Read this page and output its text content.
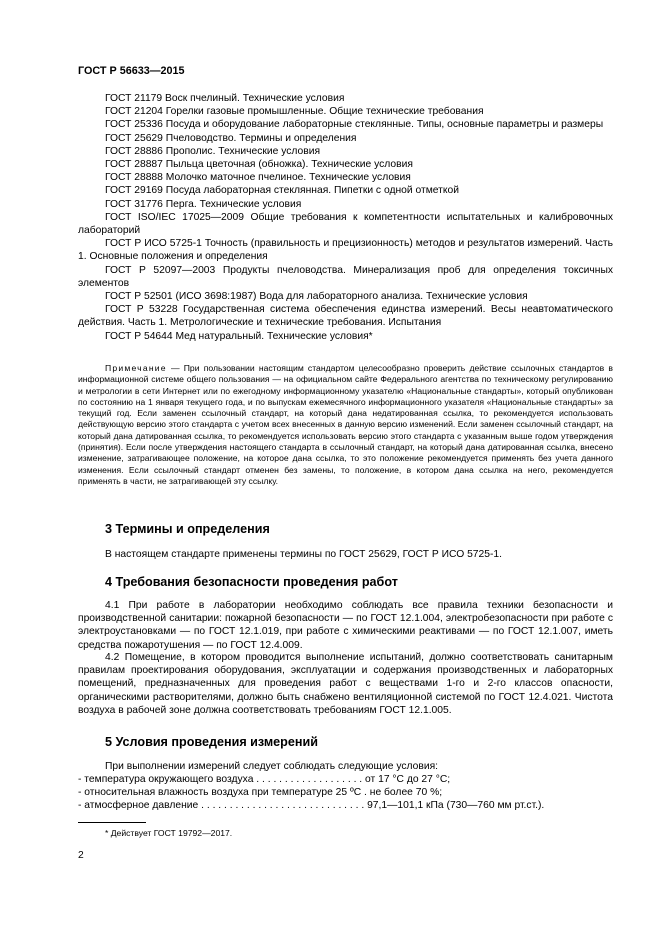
ГОСТ Р 56633—2015

ГОСТ 21179 Воск пчелиный. Технические условия

ГОСТ 21204 Горелки газовые промышленные. Общие технические требования

ГОСТ 25336 Посуда и оборудование лабораторные стеклянные. Типы, основные параметры и размеры

ГОСТ 25629 Пчеловодство. Термины и определения

ГОСТ 28886 Прополис. Технические условия

ГОСТ 28887 Пыльца цветочная (обножка). Технические условия

ГОСТ 28888 Молочко маточное пчелиное. Технические условия

ГОСТ 29169 Посуда лабораторная стеклянная. Пипетки с одной отметкой

ГОСТ 31776 Перга. Технические условия

ГОСТ ISO/IEC 17025—2009 Общие требования к компетентности испытательных и калибровочных лабораторий

ГОСТ Р ИСО 5725-1 Точность (правильность и прецизионность) методов и результатов измерений. Часть 1. Основные положения и определения

ГОСТ Р 52097—2003 Продукты пчеловодства. Минерализация проб для определения токсичных элементов

ГОСТ Р 52501 (ИСО 3698:1987) Вода для лабораторного анализа. Технические условия

ГОСТ Р 53228 Государственная система обеспечения единства измерений. Весы неавтоматического действия. Часть 1. Метрологические и технические требования. Испытания

ГОСТ Р 54644 Мед натуральный. Технические условия*

Примечание — При пользовании настоящим стандартом целесообразно проверить действие ссылочных стандартов в информационной системе общего пользования — на официальном сайте Федерального агентства по техническому регулированию и метрологии в сети Интернет или по ежегодному информационному указателю «Национальные стандарты», который опубликован по состоянию на 1 января текущего года, и по выпускам ежемесячного информационного указателя «Национальные стандарты» за текущий год. Если заменен ссылочный стандарт, на который дана недатированная ссылка, то рекомендуется использовать действующую версию этого стандарта с учетом всех внесенных в данную версию изменений. Если заменен ссылочный стандарт, на который дана датированная ссылка, то рекомендуется использовать версию этого стандарта с указанным выше годом утверждения (принятия). Если после утверждения настоящего стандарта в ссылочный стандарт, на который дана датированная ссылка, внесено изменение, затрагивающее положение, на которое дана ссылка, то это положение рекомендуется применять без учета данного изменения. Если ссылочный стандарт отменен без замены, то положение, в котором дана ссылка на него, рекомендуется применять в части, не затрагивающей эту ссылку.

3 Термины и определения

В настоящем стандарте применены термины по ГОСТ 25629, ГОСТ Р ИСО 5725-1.

4 Требования безопасности проведения работ

4.1 При работе в лаборатории необходимо соблюдать все правила техники безопасности и производственной санитарии: пожарной безопасности — по ГОСТ 12.1.004, электробезопасности при работе с электроустановками — по ГОСТ 12.1.019, при работе с химическими реактивами — по ГОСТ 12.1.007, иметь средства пожаротушения — по ГОСТ 12.4.009.

4.2 Помещение, в котором проводится выполнение испытаний, должно соответствовать санитарным правилам проектирования оборудования, эксплуатации и содержания производственных и лабораторных помещений, предназначенных для проведения работ с веществами 1-го и 2-го классов опасности, органическими растворителями, должно быть снабжено вентиляционной системой по ГОСТ 12.4.021. Чистота воздуха в рабочей зоне должна соответствовать требованиям ГОСТ 12.1.005.

5 Условия проведения измерений

При выполнении измерений следует соблюдать следующие условия:

- температура окружающего воздуха . . . . . . . . . . . . . . . . . . . от 17 °С до 27 °С;

- относительная влажность воздуха при температуре 25 ºС . не более 70 %;

- атмосферное давление . . . . . . . . . . . . . . . . . . . . . . . . . . . . . 97,1—101,1 кПа (730—760 мм рт.ст.).

* Действует ГОСТ 19792—2017.

2
